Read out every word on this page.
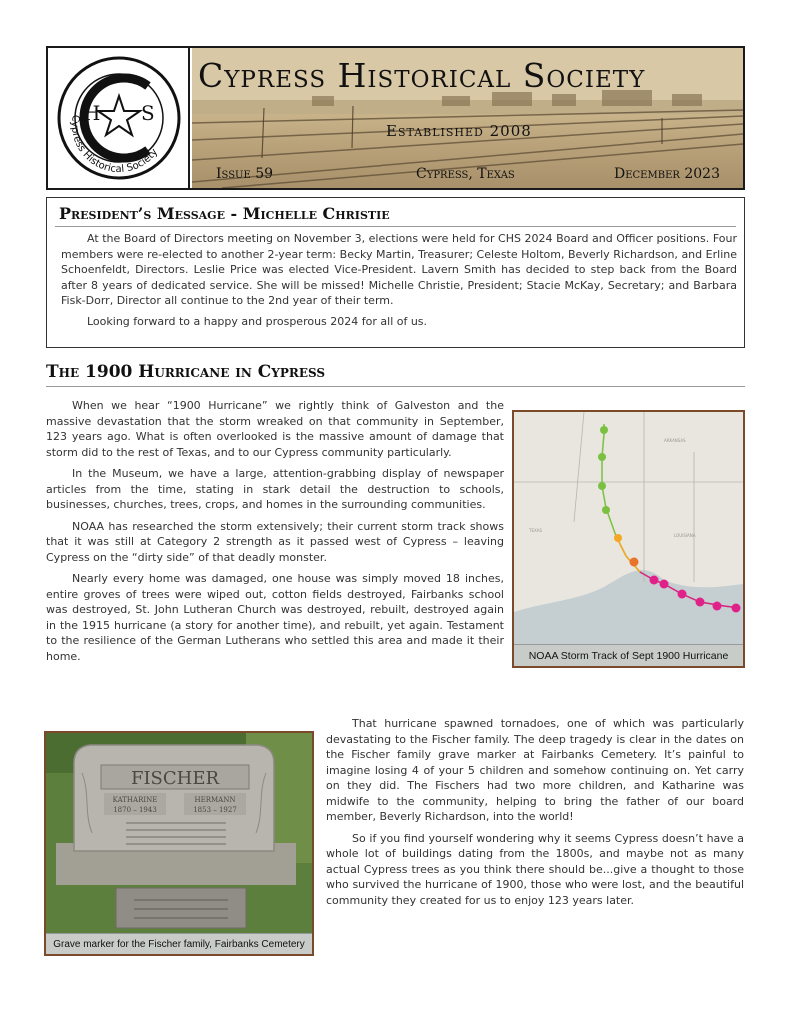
H S
Cypress Historical Society
Cypress Historical Society
Established 2008
Issue 59	Cypress, Texas	December 2023
President’s Message - Michelle Christie

At the Board of Directors meeting on November 3, elections were held for CHS 2024 Board and Officer positions. Four members were re-elected to another 2-year term: Becky Martin, Treasurer; Celeste Holtom, Beverly Richardson, and Erline Schoenfeldt, Directors. Leslie Price was elected Vice-President. Lavern Smith has decided to step back from the Board after 8 years of dedicated service. She will be missed! Michelle Christie, President; Stacie McKay, Secretary; and Barbara Fisk-Dorr, Director all continue to the 2nd year of their term.

Looking forward to a happy and prosperous 2024 for all of us.

The 1900 Hurricane in Cypress

When we hear “1900 Hurricane” we rightly think of Galveston and the massive devastation that the storm wreaked on that community in September, 123 years ago. What is often overlooked is the massive amount of damage that storm did to the rest of Texas, and to our Cypress community particularly.

In the Museum, we have a large, attention-grabbing display of newspaper articles from the time, stating in stark detail the destruction to schools, businesses, churches, trees, crops, and homes in the surrounding communities.

NOAA has researched the storm extensively; their current storm track shows that it was still at Category 2 strength as it passed west of Cypress – leaving Cypress on the “dirty side” of that deadly monster.

Nearly every home was damaged, one house was simply moved 18 inches, entire groves of trees were wiped out, cotton fields destroyed, Fairbanks school was destroyed, St. John Lutheran Church was destroyed, rebuilt, destroyed again in the 1915 hurricane (a story for another time), and rebuilt, yet again. Testament to the resilience of the German Lutherans who settled this area and made it their home.

ARKANSAS
LOUISIANA
TEXAS
NOAA Storm Track of Sept 1900 Hurricane
FISCHER
KATHARINE
1870 – 1943
HERMANN
1853 – 1927
Grave marker for the Fischer family, Fairbanks Cemetery

That hurricane spawned tornadoes, one of which was particularly devastating to the Fischer family. The deep tragedy is clear in the dates on the Fischer family grave marker at Fairbanks Cemetery. It’s painful to imagine losing 4 of your 5 children and somehow continuing on. Yet carry on they did. The Fischers had two more children, and Katharine was midwife to the community, helping to bring the father of our board member, Beverly Richardson, into the world!

So if you find yourself wondering why it seems Cypress doesn’t have a whole lot of buildings dating from the 1800s, and maybe not as many actual Cypress trees as you think there should be...give a thought to those who survived the hurricane of 1900, those who were lost, and the beautiful community they created for us to enjoy 123 years later.
